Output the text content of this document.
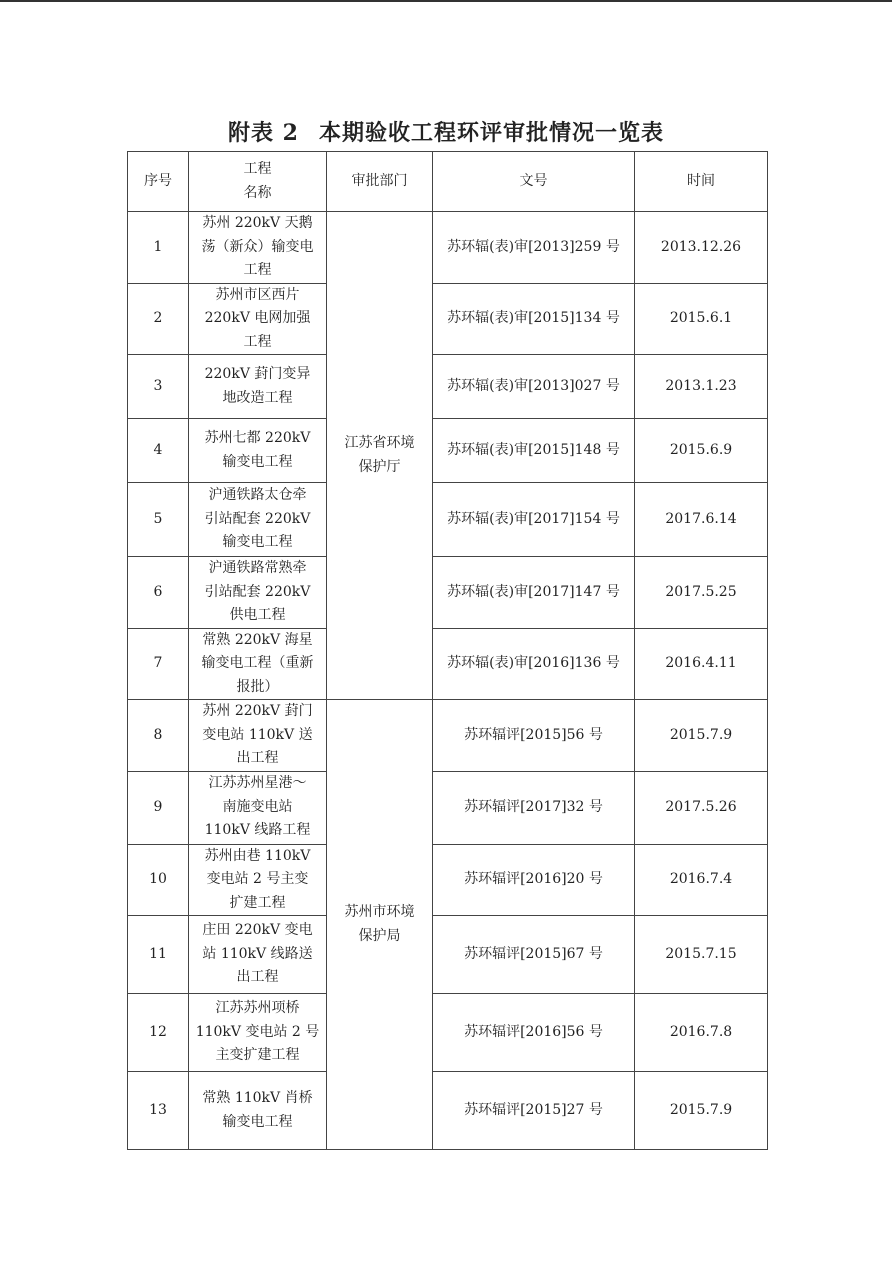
附表 2 本期验收工程环评审批情况一览表
序号	工程
名称	审批部门	文号	时间
1	苏州 220kV 天鹅
荡（新众）输变电
工程	江苏省环境
保护厅	苏环辐(表)审[2013]259 号	2013.12.26
2	苏州市区西片
220kV 电网加强
工程		苏环辐(表)审[2015]134 号	2015.6.1
3	220kV 葑门变异
地改造工程		苏环辐(表)审[2013]027 号	2013.1.23
4	苏州七都 220kV
输变电工程		苏环辐(表)审[2015]148 号	2015.6.9
5	沪通铁路太仓牵
引站配套 220kV
输变电工程		苏环辐(表)审[2017]154 号	2017.6.14
6	沪通铁路常熟牵
引站配套 220kV
供电工程		苏环辐(表)审[2017]147 号	2017.5.25
7	常熟 220kV 海星
输变电工程（重新
报批）		苏环辐(表)审[2016]136 号	2016.4.11
8	苏州 220kV 葑门
变电站 110kV 送
出工程	苏州市环境
保护局	苏环辐评[2015]56 号	2015.7.9
9	江苏苏州星港～
南施变电站
110kV 线路工程		苏环辐评[2017]32 号	2017.5.26
10	苏州由巷 110kV
变电站 2 号主变
扩建工程		苏环辐评[2016]20 号	2016.7.4
11	庄田 220kV 变电
站 110kV 线路送
出工程		苏环辐评[2015]67 号	2015.7.15
12	江苏苏州项桥
110kV 变电站 2 号
主变扩建工程		苏环辐评[2016]56 号	2016.7.8
13	常熟 110kV 肖桥
输变电工程		苏环辐评[2015]27 号	2015.7.9
